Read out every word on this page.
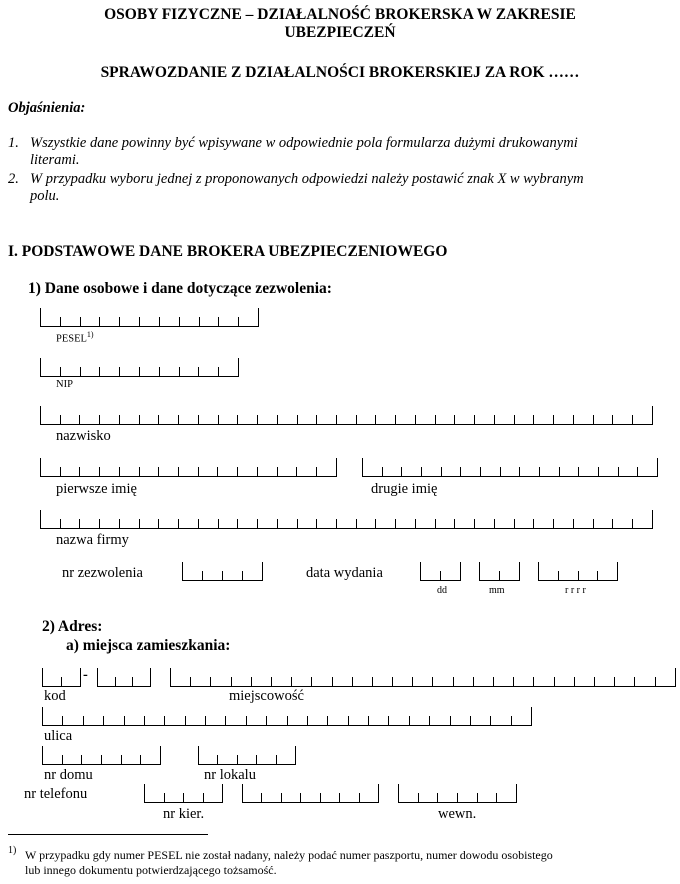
OSOBY FIZYCZNE – DZIAŁALNOŚĆ BROKERSKA W ZAKRESIE
UBEZPIECZEŃ
SPRAWOZDANIE Z DZIAŁALNOŚCI BROKERSKIEJ ZA ROK ……
Objaśnienia:
1. Wszystkie dane powinny być wpisywane w odpowiednie pola formularza dużymi drukowanymi
literami.
2. W przypadku wyboru jednej z proponowanych odpowiedzi należy postawić znak X w wybranym
polu.
I. PODSTAWOWE DANE BROKERA UBEZPIECZENIOWEGO
1) Dane osobowe i dane dotyczące zezwolenia:
PESEL$^{1)}$
NIP
nazwisko
pierwsze imię	drugie imię
nazwa firmy
nr zezwolenia	data wydania
dd	mm	r r r r
2) Adres:
a) miejsca zamieszkania:
-
kod	miejscowość
ulica
nr domu	nr lokalu
nr telefonu
nr kier.	wewn.
1) W przypadku gdy numer PESEL nie został nadany, należy podać numer paszportu, numer dowodu osobistego
lub innego dokumentu potwierdzającego tożsamość.
